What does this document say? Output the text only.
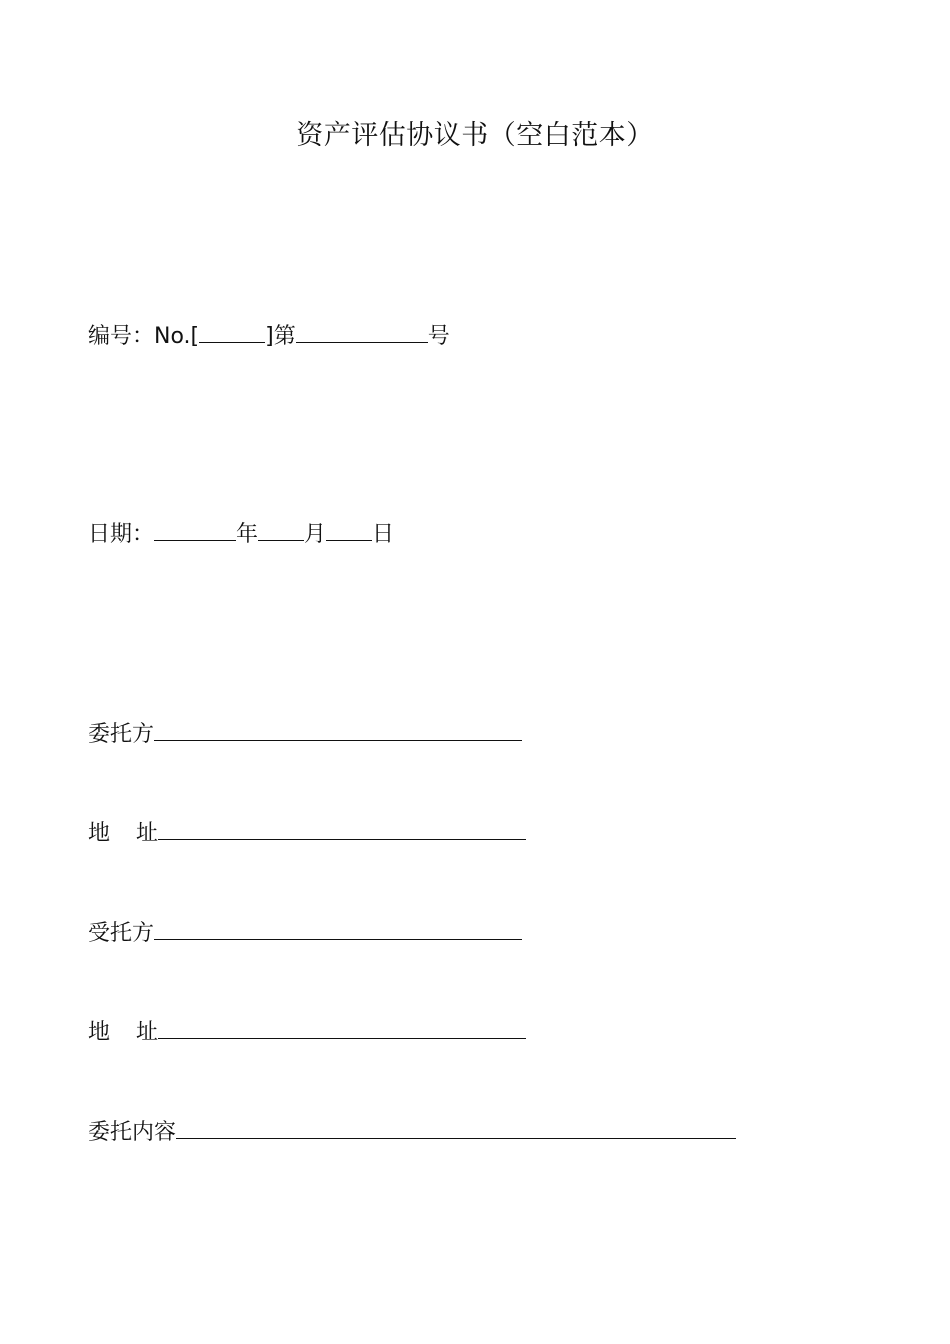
资产评估协议书（空白范本）
编号：No.[	]第	号
日期：	年 月 日
委托方
地 址
受托方
地 址
委托内容
